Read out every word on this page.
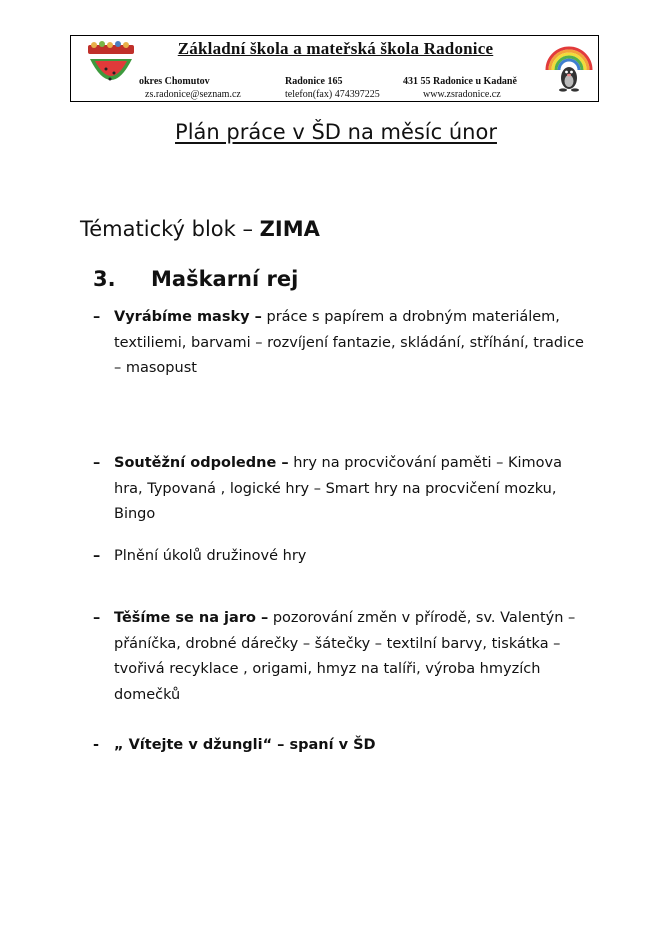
Základní škola a mateřská škola Radonice
okres Chomutov	Radonice 165	431 55 Radonice u Kadaně
zs.radonice@seznam.cz	telefon(fax) 474397225	www.zsradonice.cz
Plán práce v ŠD na měsíc únor
Tématický blok – ZIMA
3. Maškarní rej
– Vyrábíme masky – práce s papírem a drobným materiálem, textiliemi, barvami – rozvíjení fantazie, skládání, stříhání, tradice – masopust
– Soutěžní odpoledne – hry na procvičování paměti – Kimova hra, Typovaná , logické hry – Smart hry na procvičení mozku, Bingo
– Plnění úkolů družinové hry
– Těšíme se na jaro – pozorování změn v přírodě, sv. Valentýn – přáníčka, drobné dárečky – šátečky – textilní barvy, tiskátka – tvořivá recyklace , origami, hmyz na talíři, výroba hmyzích domečků
- „ Vítejte v džungli“ – spaní v ŠD
